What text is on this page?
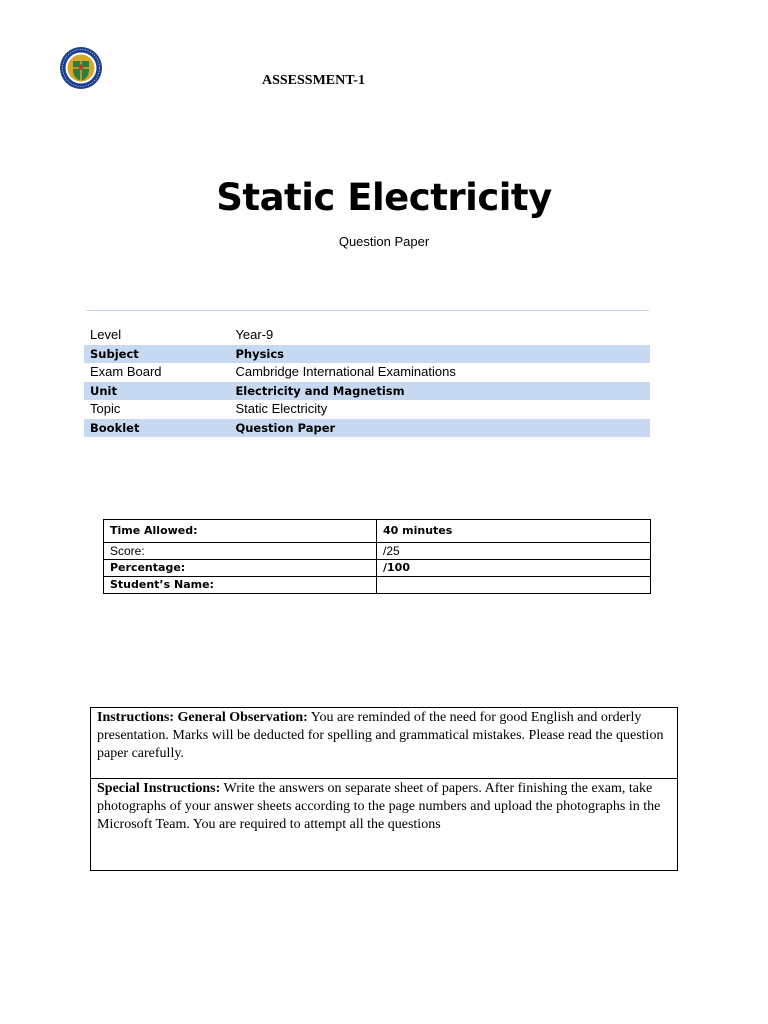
ASSESSMENT-1
Static Electricity
Question Paper
Level	Year-9
Subject	Physics
Exam Board	Cambridge International Examinations
Unit	Electricity and Magnetism
Topic	Static Electricity
Booklet	Question Paper
Time Allowed:	40 minutes
Score:	/25
Percentage:	/100
Student’s Name:	
Instructions: General Observation: You are reminded of the need for good English and orderly presentation. Marks will be deducted for spelling and grammatical mistakes. Please read the question paper carefully.
Special Instructions: Write the answers on separate sheet of papers. After finishing the exam, take photographs of your answer sheets according to the page numbers and upload the photographs in the Microsoft Team. You are required to attempt all the questions
